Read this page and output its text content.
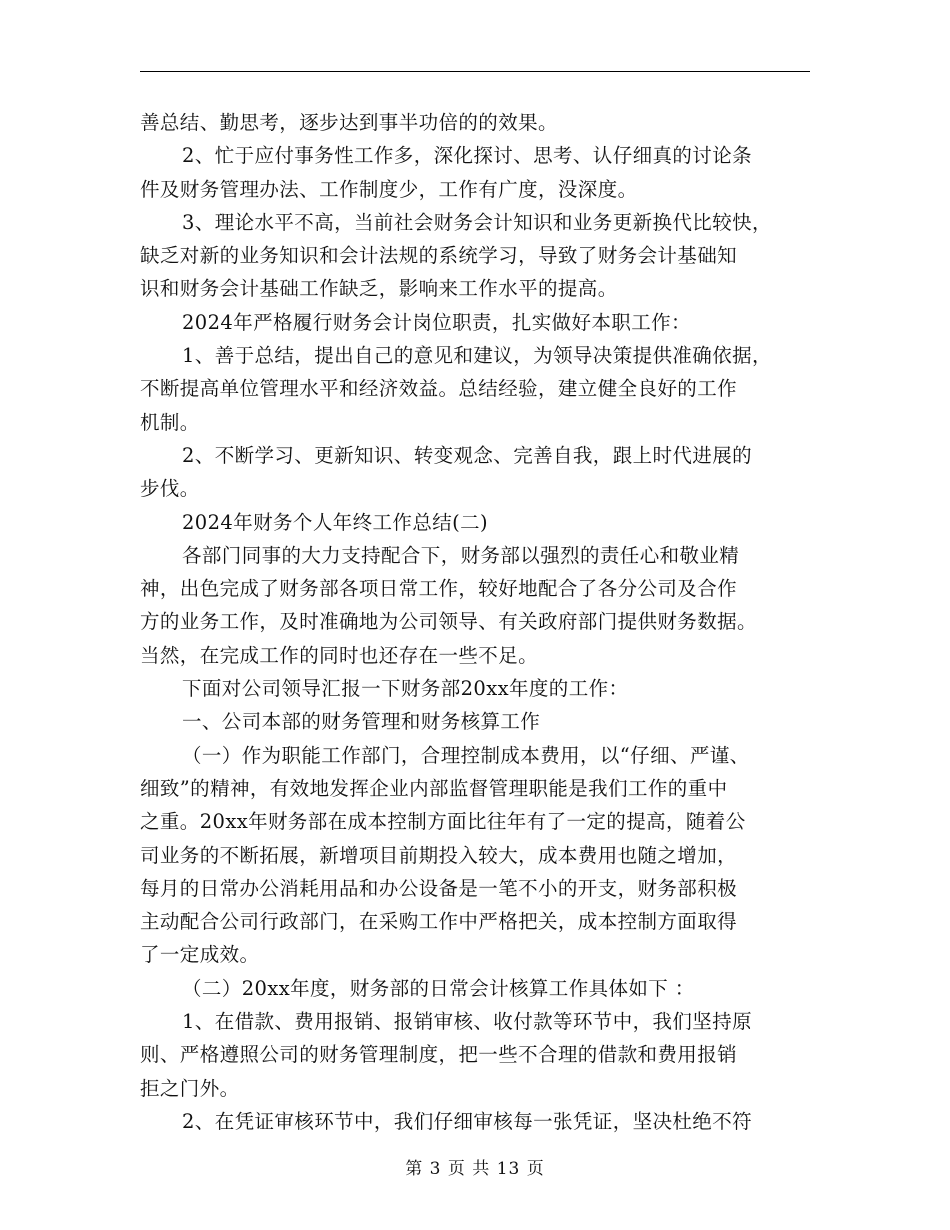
善总结、勤思考，逐步达到事半功倍的的效果。
2、忙于应付事务性工作多，深化探讨、思考、认仔细真的讨论条
件及财务管理办法、工作制度少，工作有广度，没深度。
3、理论水平不高，当前社会财务会计知识和业务更新换代比较快，
缺乏对新的业务知识和会计法规的系统学习，导致了财务会计基础知
识和财务会计基础工作缺乏，影响来工作水平的提高。
2024年严格履行财务会计岗位职责，扎实做好本职工作：
1、善于总结，提出自己的意见和建议，为领导决策提供准确依据，
不断提高单位管理水平和经济效益。总结经验，建立健全良好的工作
机制。
2、不断学习、更新知识、转变观念、完善自我，跟上时代进展的
步伐。
2024年财务个人年终工作总结(二)
各部门同事的大力支持配合下，财务部以强烈的责任心和敬业精
神，出色完成了财务部各项日常工作，较好地配合了各分公司及合作
方的业务工作，及时准确地为公司领导、有关政府部门提供财务数据。
当然，在完成工作的同时也还存在一些不足。
下面对公司领导汇报一下财务部20xx年度的工作：
一、公司本部的财务管理和财务核算工作
（一）作为职能工作部门，合理控制成本费用，以“仔细、严谨、
细致”的精神，有效地发挥企业内部监督管理职能是我们工作的重中
之重。20xx年财务部在成本控制方面比往年有了一定的提高，随着公
司业务的不断拓展，新增项目前期投入较大，成本费用也随之增加，
每月的日常办公消耗用品和办公设备是一笔不小的开支，财务部积极
主动配合公司行政部门，在采购工作中严格把关，成本控制方面取得
了一定成效。
（二）20xx年度，财务部的日常会计核算工作具体如下 ：
1、在借款、费用报销、报销审核、收付款等环节中，我们坚持原
则、严格遵照公司的财务管理制度，把一些不合理的借款和费用报销
拒之门外。
2、在凭证审核环节中，我们仔细审核每一张凭证，坚决杜绝不符
第 3 页 共 13 页
